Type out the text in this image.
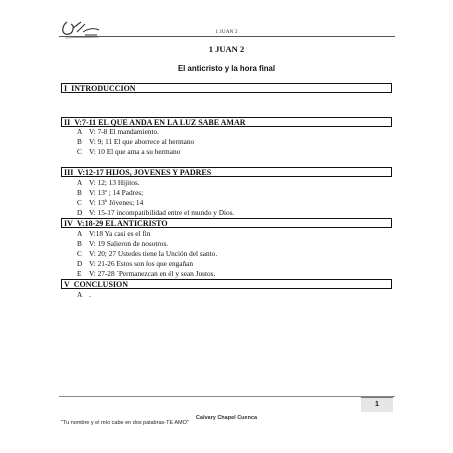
1 JUAN 2
1 JUAN 2
El anticristo y la hora final
I INTRODUCCION
II V:7-11 EL QUE ANDA EN LA LUZ SABE AMAR
A V: 7-8 El mandamiento.
B V: 9; 11 El que aborrece al hermano
C V: 10 El que ama a su hermano
III V:12-17 HIJOS, JOVENES Y PADRES
A V: 12; 13 Hijitos.
B V: 13$^a$ ; 14 Padres;
C V: 13$^b$ Jóvenes; 14
D V: 15-17 incompatibilidad entre el mundo y Dios.
IV V:18-29 EL ANTICRISTO
A V:18 Ya casi es el fin
B V: 19 Salieron de nosotros.
C V: 20; 27 Ustedes tiene la Unción del santo.
D V: 21-26 Estos son los que engañan
E V: 27-28 ´Permanezcan en él y sean Justos.
V CONCLUSION
A .
1
Calvary Chapel Cuenca
"Tu nombre y el mío cabe en dos palabras-TE AMO"
